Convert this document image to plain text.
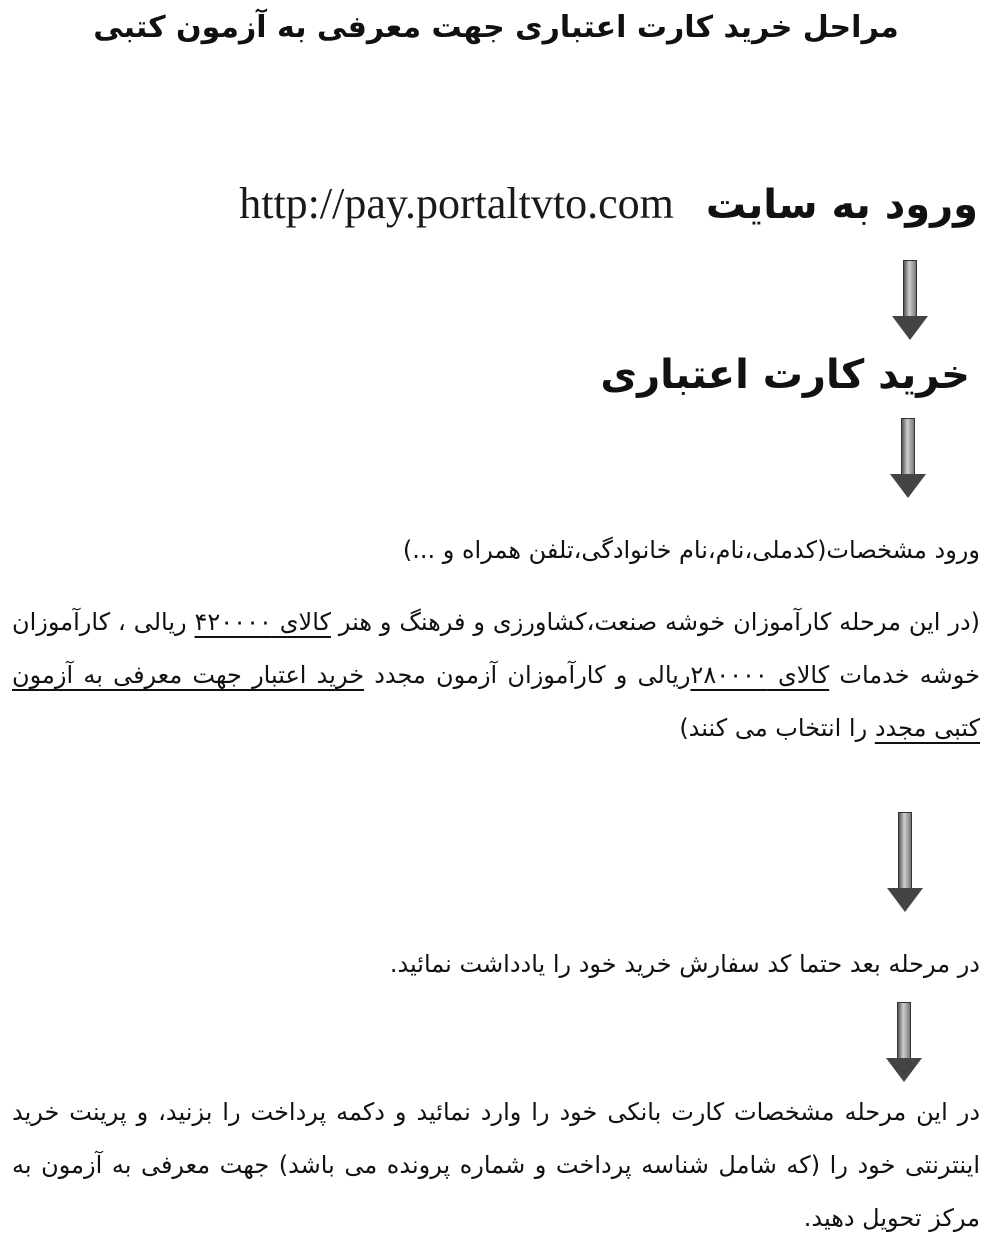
مراحل خرید کارت اعتباری جهت معرفی به آزمون کتبی
http://pay.portaltvto.com ورود به سایت
خرید کارت اعتباری
ورود مشخصات(کدملی،نام،نام خانوادگی،تلفن همراه و ...)
(در این مرحله کارآموزان خوشه صنعت،کشاورزی و فرهنگ و هنر کالای ۴۲۰۰۰۰ ریالی ، کارآموزان خوشه خدمات کالای ۲۸۰۰۰۰ریالی و کارآموزان آزمون مجدد خرید اعتبار جهت معرفی به آزمون کتبی مجدد را انتخاب می کنند)
در مرحله بعد حتما کد سفارش خرید خود را یادداشت نمائید.
در این مرحله مشخصات کارت بانکی خود را وارد نمائید و دکمه پرداخت را بزنید، و پرینت خرید اینترنتی خود را (که شامل شناسه پرداخت و شماره پرونده می باشد) جهت معرفی به آزمون به مرکز تحویل دهید.
